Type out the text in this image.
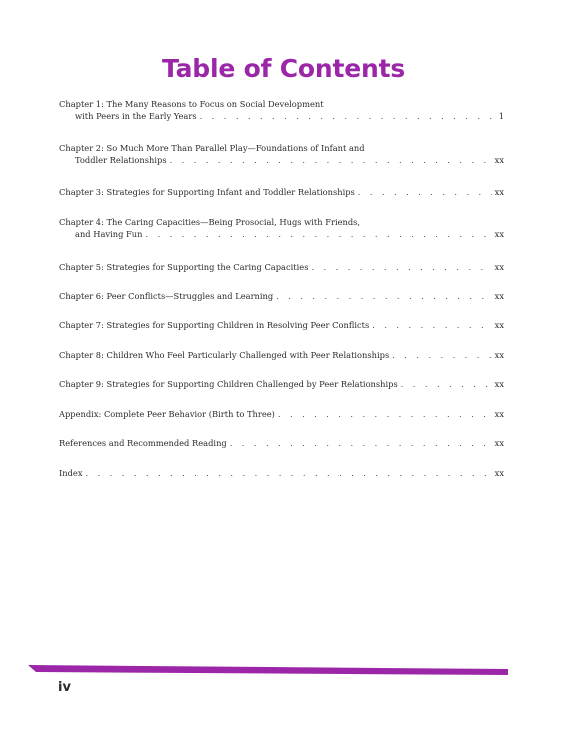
Table of Contents
Chapter 1: The Many Reasons to Focus on Social Development
with Peers in the Early Years . . .	1
Chapter 2: So Much More Than Parallel Play—Foundations of Infant and
Toddler Relationships . . .	xx
Chapter 3: Strategies for Supporting Infant and Toddler Relationships . . .	xx
Chapter 4: The Caring Capacities—Being Prosocial, Hugs with Friends,
and Having Fun . . .	xx
Chapter 5: Strategies for Supporting the Caring Capacities . . .	xx
Chapter 6: Peer Conflicts—Struggles and Learning . . .	xx
Chapter 7: Strategies for Supporting Children in Resolving Peer Conflicts . . .	xx
Chapter 8: Children Who Feel Particularly Challenged with Peer Relationships . . .	xx
Chapter 9: Strategies for Supporting Children Challenged by Peer Relationships . . .	xx
Appendix: Complete Peer Behavior (Birth to Three) . . .	xx
References and Recommended Reading . . .	xx
Index . . .	xx
iv
